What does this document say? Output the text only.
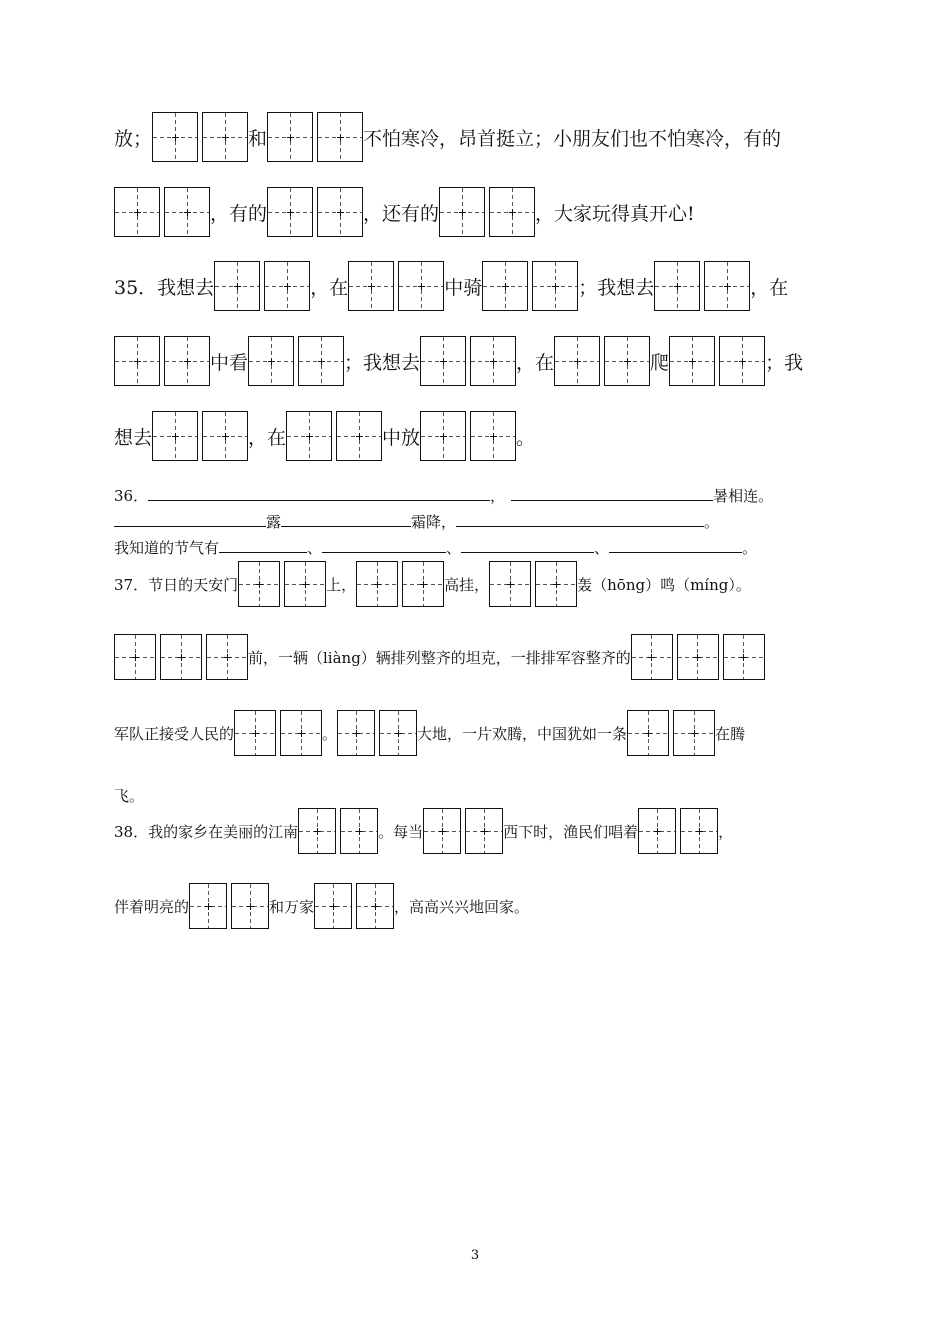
放；	和	不怕寒冷，昂首挺立；小朋友们也不怕寒冷，有的
，有的	，还有的	，大家玩得真开心!
35．我想去	，在	中骑	；我想去	，在
中看	；我想去	，在	爬	；我
想去	，在	中放	。
36．	，	暑相连。
露	霜降，	。
我知道的节气有	、	、	、	。
37．节日的天安门	上，	高挂，	轰（hōng）鸣（míng）。
前，一辆（liàng）辆排列整齐的坦克，一排排军容整齐的
军队正接受人民的	。	大地，一片欢腾，中国犹如一条	在腾
飞。
38．我的家乡在美丽的江南	。每当	西下时，渔民们唱着	，
伴着明亮的	和万家	，高高兴兴地回家。
3
